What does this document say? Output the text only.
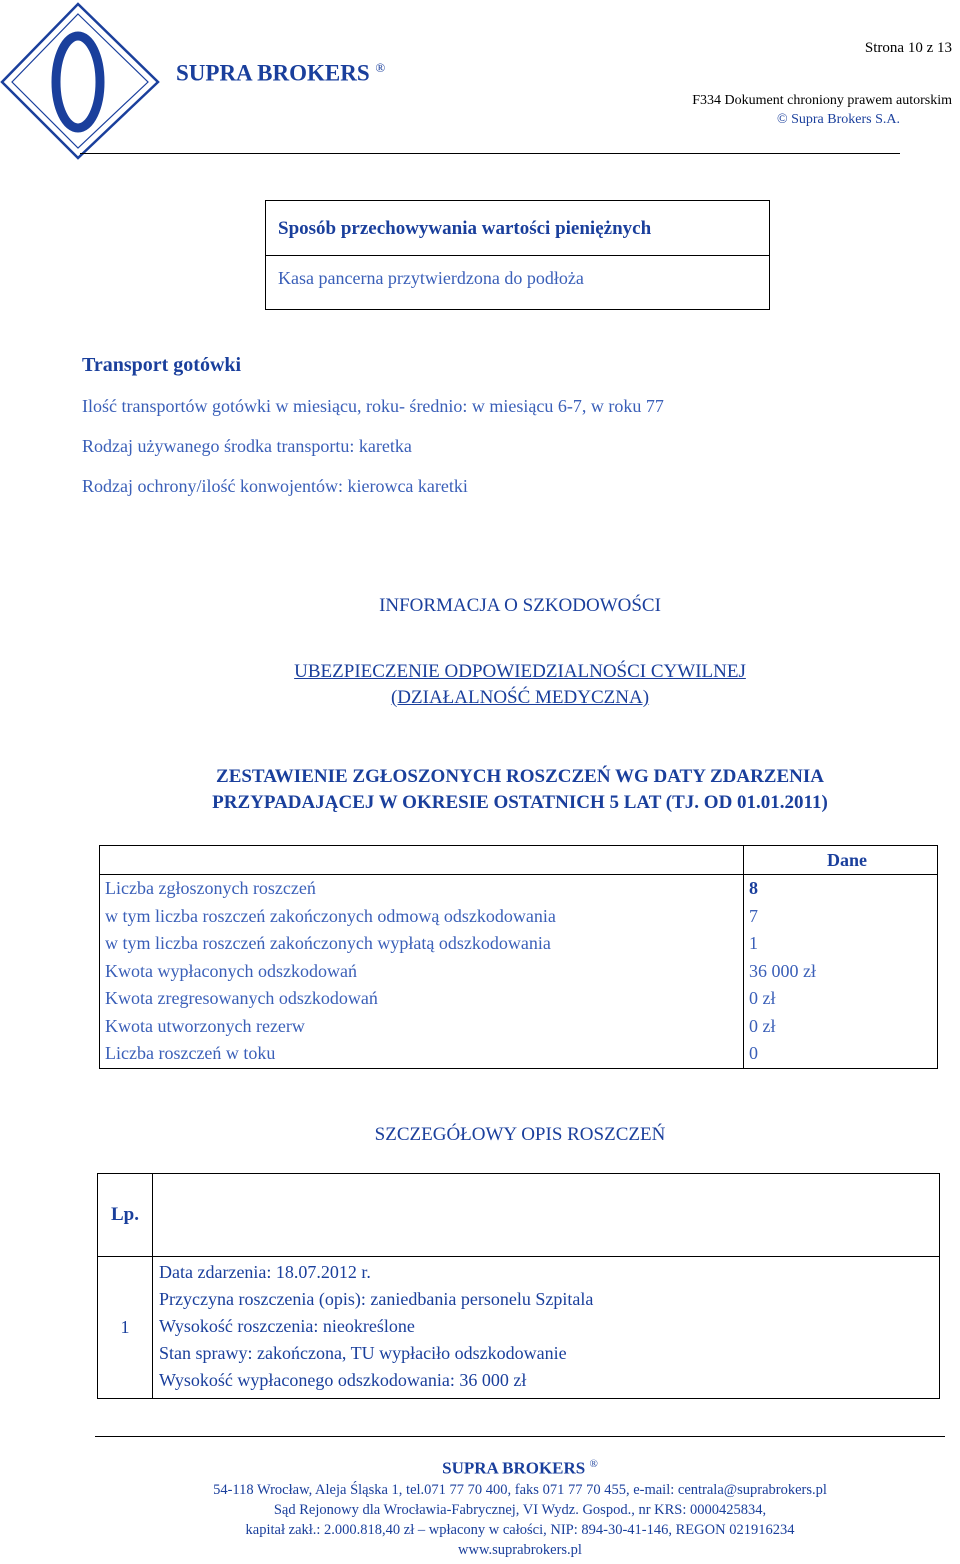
SUPRA BROKERS ®
Strona 10 z 13
F334 Dokument chroniony prawem autorskim
© Supra Brokers S.A.
Sposób przechowywania wartości pieniężnych
Kasa pancerna przytwierdzona do podłoża
Transport gotówki
Ilość transportów gotówki w miesiącu, roku- średnio: w miesiącu 6-7, w roku 77
Rodzaj używanego środka transportu: karetka
Rodzaj ochrony/ilość konwojentów: kierowca karetki
INFORMACJA O SZKODOWOŚCI
UBEZPIECZENIE ODPOWIEDZIALNOŚCI CYWILNEJ
(DZIAŁALNOŚĆ MEDYCZNA)
ZESTAWIENIE ZGŁOSZONYCH ROSZCZEŃ WG DATY ZDARZENIA
PRZYPADAJĄCEJ W OKRESIE OSTATNICH 5 LAT (TJ. OD 01.01.2011)
	Dane
Liczba zgłoszonych roszczeń	8
w tym liczba roszczeń zakończonych odmową odszkodowania	7
w tym liczba roszczeń zakończonych wypłatą odszkodowania	1
Kwota wypłaconych odszkodowań	36 000 zł
Kwota zregresowanych odszkodowań	0 zł
Kwota utworzonych rezerw	0 zł
Liczba roszczeń w toku	0
SZCZEGÓŁOWY OPIS ROSZCZEŃ
Lp.	
1	Data zdarzenia: 18.07.2012 r.
Przyczyna roszczenia (opis): zaniedbania personelu Szpitala
Wysokość roszczenia: nieokreślone
Stan sprawy: zakończona, TU wypłaciło odszkodowanie
Wysokość wypłaconego odszkodowania: 36 000 zł
SUPRA BROKERS ®
54-118 Wrocław, Aleja Śląska 1, tel.071 77 70 400, faks 071 77 70 455, e-mail: centrala@suprabrokers.pl
Sąd Rejonowy dla Wrocławia-Fabrycznej, VI Wydz. Gospod., nr KRS: 0000425834,
kapitał zakł.: 2.000.818,40 zł – wpłacony w całości, NIP: 894-30-41-146, REGON 021916234
www.suprabrokers.pl
